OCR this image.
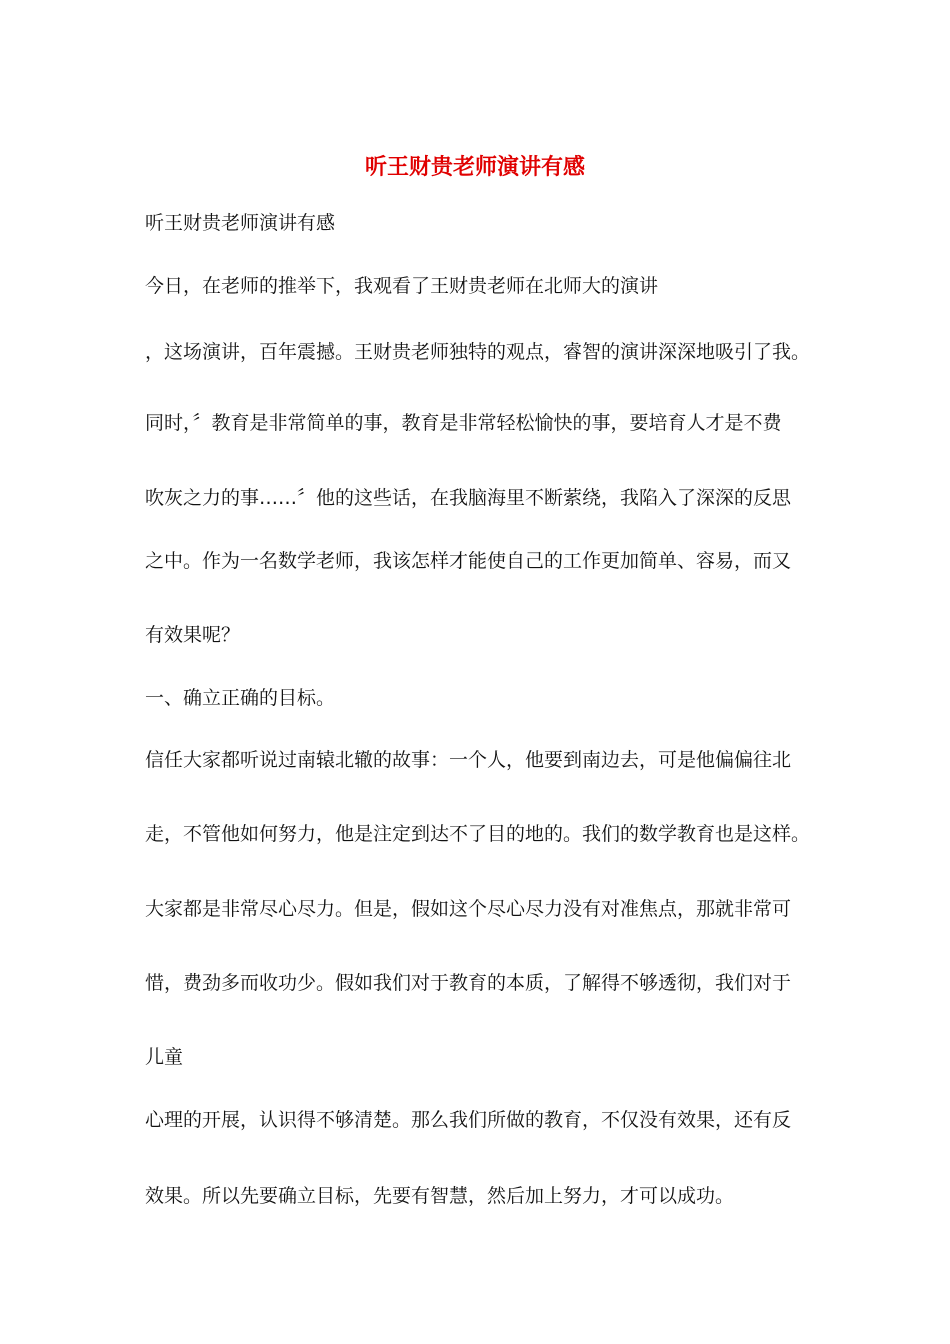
听王财贵老师演讲有感
听王财贵老师演讲有感
今日，在老师的推举下，我观看了王财贵老师在北师大的演讲
，这场演讲，百年震撼。王财贵老师独特的观点，睿智的演讲深深地吸引了我。
同时，〞教育是非常简单的事，教育是非常轻松愉快的事，要培育人才是不费
吹灰之力的事……〞他的这些话，在我脑海里不断萦绕，我陷入了深深的反思
之中。作为一名数学老师，我该怎样才能使自己的工作更加简单、容易，而又
有效果呢？
一、确立正确的目标。
信任大家都听说过南辕北辙的故事：一个人，他要到南边去，可是他偏偏往北
走，不管他如何努力，他是注定到达不了目的地的。我们的数学教育也是这样。
大家都是非常尽心尽力。但是，假如这个尽心尽力没有对准焦点，那就非常可
惜，费劲多而收功少。假如我们对于教育的本质，了解得不够透彻，我们对于
儿童
心理的开展，认识得不够清楚。那么我们所做的教育，不仅没有效果，还有反
效果。所以先要确立目标，先要有智慧，然后加上努力，才可以成功。
